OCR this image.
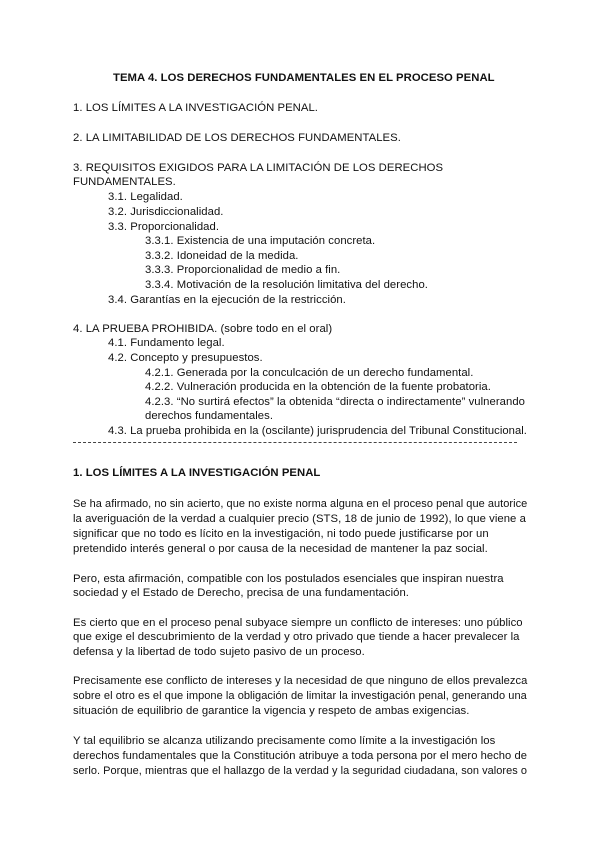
TEMA 4. LOS DERECHOS FUNDAMENTALES EN EL PROCESO PENAL
1. LOS LÍMITES A LA INVESTIGACIÓN PENAL.
2. LA LIMITABILIDAD DE LOS DERECHOS FUNDAMENTALES.
3. REQUISITOS EXIGIDOS PARA LA LIMITACIÓN DE LOS DERECHOS
FUNDAMENTALES.
3.1. Legalidad.
3.2. Jurisdiccionalidad.
3.3. Proporcionalidad.
3.3.1. Existencia de una imputación concreta.
3.3.2. Idoneidad de la medida.
3.3.3. Proporcionalidad de medio a fin.
3.3.4. Motivación de la resolución limitativa del derecho.
3.4. Garantías en la ejecución de la restricción.
4. LA PRUEBA PROHIBIDA. (sobre todo en el oral)
4.1. Fundamento legal.
4.2. Concepto y presupuestos.
4.2.1. Generada por la conculcación de un derecho fundamental.
4.2.2. Vulneración producida en la obtención de la fuente probatoria.
4.2.3. “No surtirá efectos” la obtenida “directa o indirectamente” vulnerando
derechos fundamentales.
4.3. La prueba prohibida en la (oscilante) jurisprudencia del Tribunal Constitucional.
1. LOS LÍMITES A LA INVESTIGACIÓN PENAL
Se ha afirmado, no sin acierto, que no existe norma alguna en el proceso penal que autorice
la averiguación de la verdad a cualquier precio (STS, 18 de junio de 1992), lo que viene a
significar que no todo es lícito en la investigación, ni todo puede justificarse por un
pretendido interés general o por causa de la necesidad de mantener la paz social.
Pero, esta afirmación, compatible con los postulados esenciales que inspiran nuestra
sociedad y el Estado de Derecho, precisa de una fundamentación.
Es cierto que en el proceso penal subyace siempre un conflicto de intereses: uno público
que exige el descubrimiento de la verdad y otro privado que tiende a hacer prevalecer la
defensa y la libertad de todo sujeto pasivo de un proceso.
Precisamente ese conflicto de intereses y la necesidad de que ninguno de ellos prevalezca
sobre el otro es el que impone la obligación de limitar la investigación penal, generando una
situación de equilibrio de garantice la vigencia y respeto de ambas exigencias.
Y tal equilibrio se alcanza utilizando precisamente como límite a la investigación los
derechos fundamentales que la Constitución atribuye a toda persona por el mero hecho de
serlo. Porque, mientras que el hallazgo de la verdad y la seguridad ciudadana, son valores o
